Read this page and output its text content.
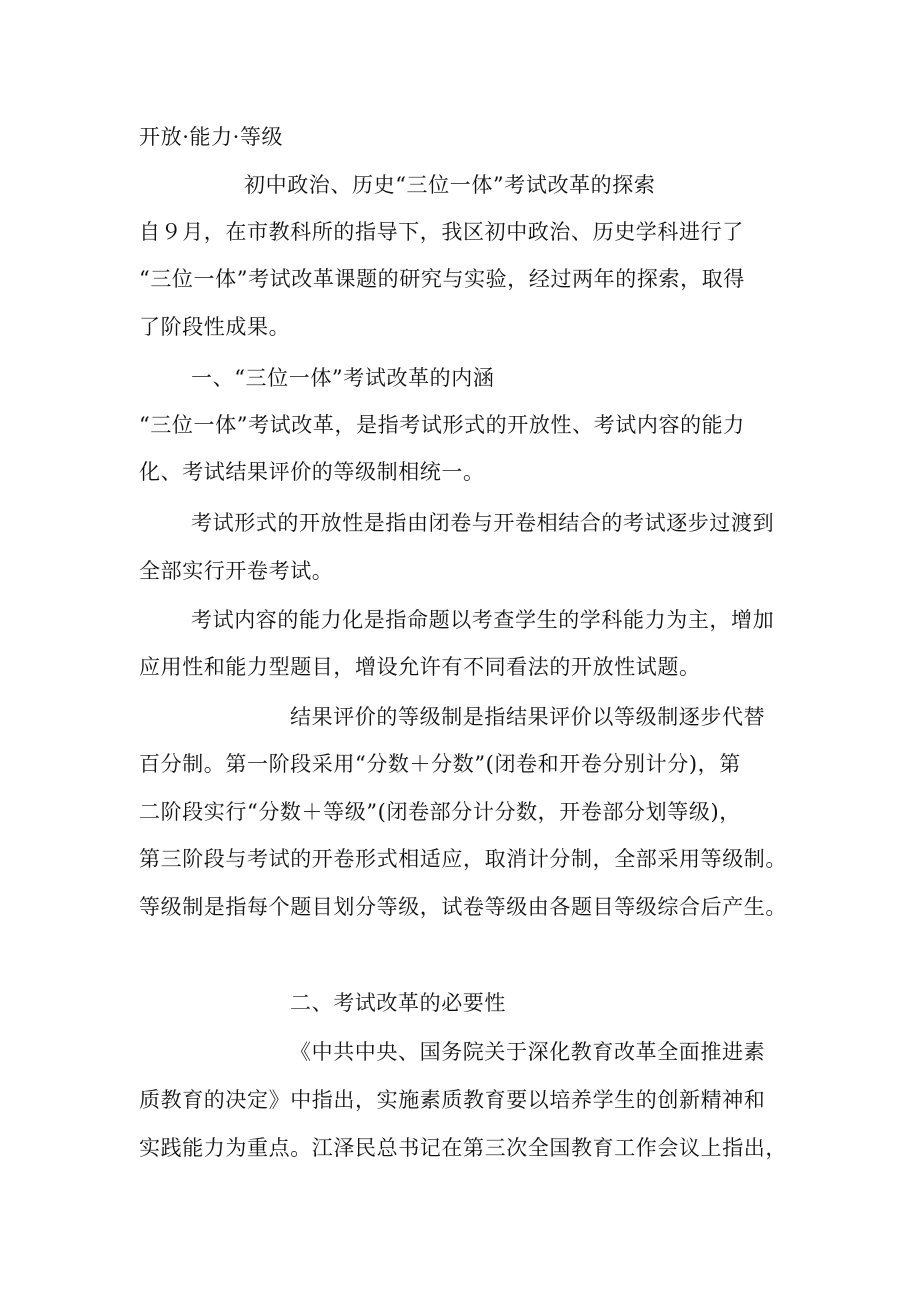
开放·能力·等级
初中政治、历史“三位一体”考试改革的探索
自９月，在市教科所的指导下，我区初中政治、历史学科进行了
“三位一体”考试改革课题的研究与实验，经过两年的探索，取得
了阶段性成果。
一、“三位一体”考试改革的内涵
“三位一体”考试改革，是指考试形式的开放性、考试内容的能力
化、考试结果评价的等级制相统一。
考试形式的开放性是指由闭卷与开卷相结合的考试逐步过渡到
全部实行开卷考试。
考试内容的能力化是指命题以考查学生的学科能力为主，增加
应用性和能力型题目，增设允许有不同看法的开放性试题。
结果评价的等级制是指结果评价以等级制逐步代替
百分制。第一阶段采用“分数＋分数”(闭卷和开卷分别计分)，第
二阶段实行“分数＋等级”(闭卷部分计分数，开卷部分划等级)，
第三阶段与考试的开卷形式相适应，取消计分制，全部采用等级制。
等级制是指每个题目划分等级，试卷等级由各题目等级综合后产生。
二、考试改革的必要性
《中共中央、国务院关于深化教育改革全面推进素
质教育的决定》中指出，实施素质教育要以培养学生的创新精神和
实践能力为重点。江泽民总书记在第三次全国教育工作会议上指出，
